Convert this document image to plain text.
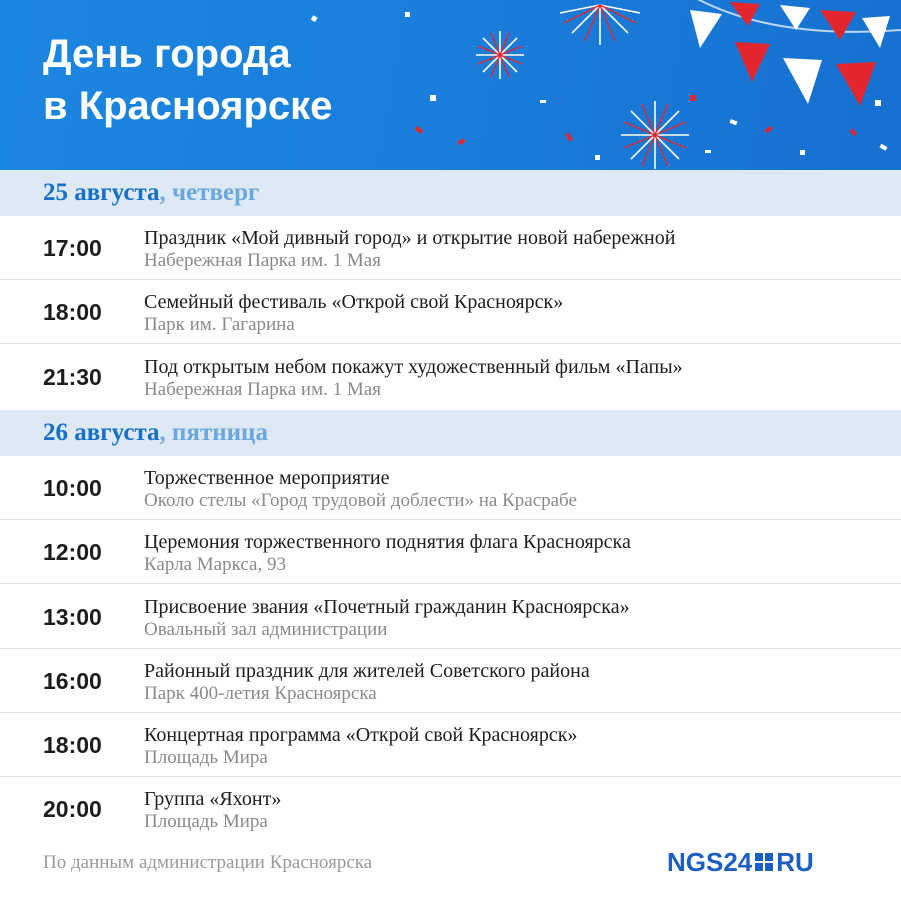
День города
в Красноярске
25 августа, четверг
17:00 Праздник «Мой дивный город» и открытие новой набережной
Набережная Парка им. 1 Мая
18:00 Семейный фестиваль «Открой свой Красноярск»
Парк им. Гагарина
21:30 Под открытым небом покажут художественный фильм «Папы»
Набережная Парка им. 1 Мая
26 августа, пятница
10:00 Торжественное мероприятие
Около стелы «Город трудовой доблести» на Красрабе
12:00 Церемония торжественного поднятия флага Красноярска
Карла Маркса, 93
13:00 Присвоение звания «Почетный гражданин Красноярска»
Овальный зал администрации
16:00 Районный праздник для жителей Советского района
Парк 400-летия Красноярска
18:00 Концертная программа «Открой свой Красноярск»
Площадь Мира
20:00 Группа «Яхонт»
Площадь Мира
По данным администрации Красноярска	NGS24 RU
